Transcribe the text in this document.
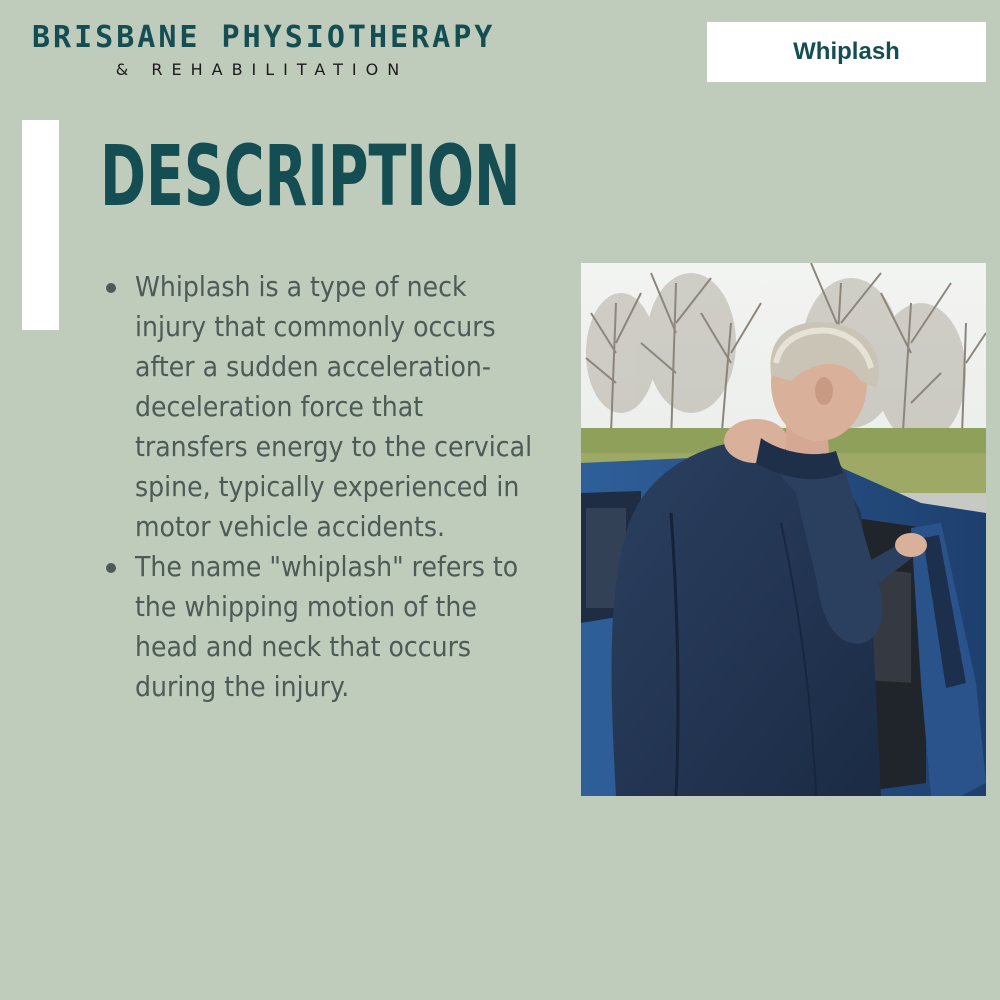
BRISBANE PHYSIOTHERAPY
& REHABILITATION
Whiplash
DESCRIPTION
Whiplash is a type of neck injury that commonly occurs after a sudden acceleration-deceleration force that transfers energy to the cervical spine, typically experienced in motor vehicle accidents.
The name "whiplash" refers to the whipping motion of the head and neck that occurs during the injury.
